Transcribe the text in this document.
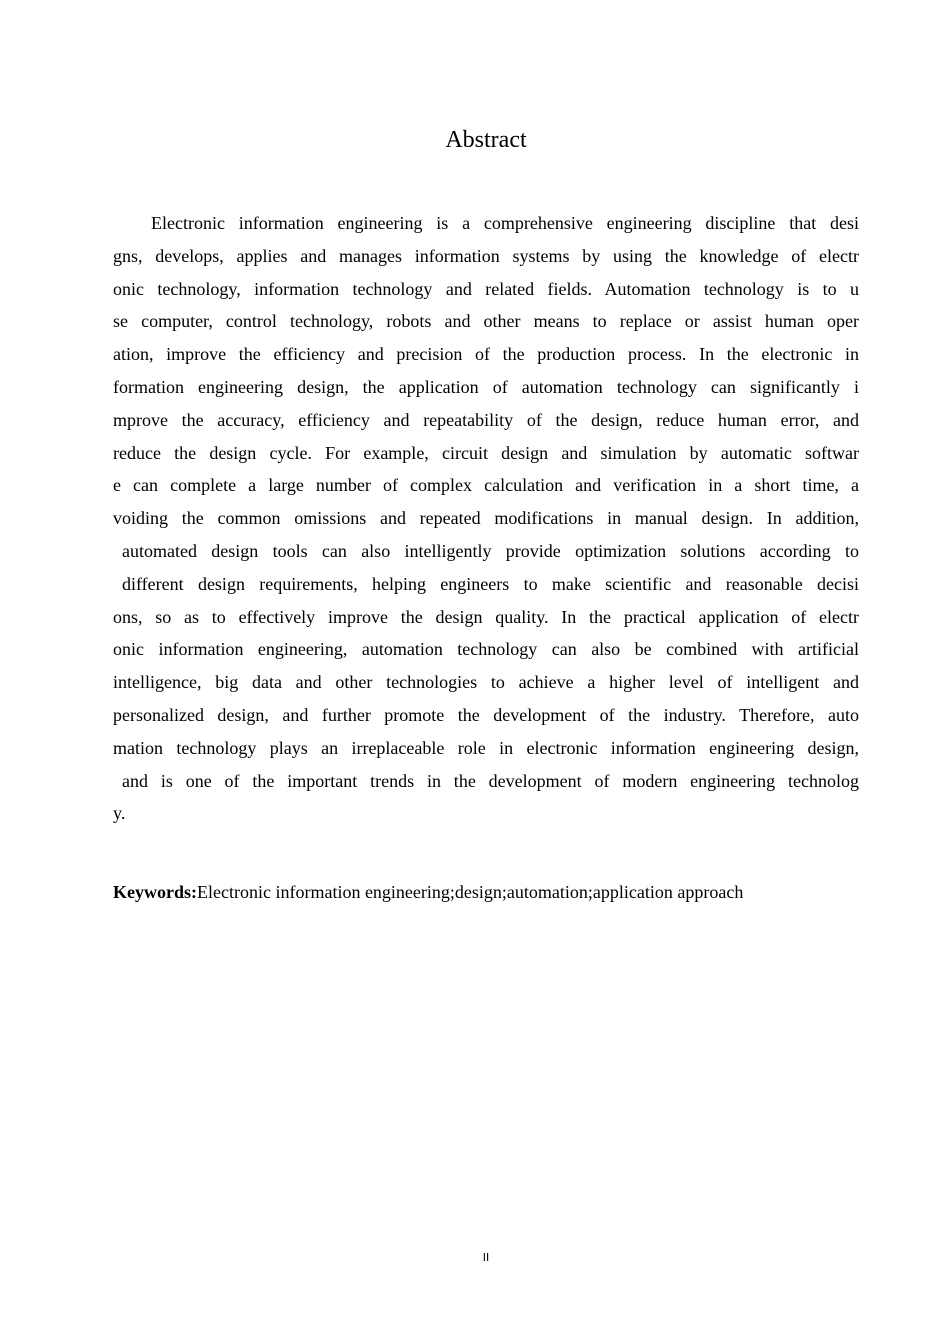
Abstract
Electronic information engineering is a comprehensive engineering discipline that desi
gns, develops, applies and manages information systems by using the knowledge of electr
onic technology, information technology and related fields. Automation technology is to u
se computer, control technology, robots and other means to replace or assist human oper
ation, improve the efficiency and precision of the production process. In the electronic in
formation engineering design, the application of automation technology can significantly i
mprove the accuracy, efficiency and repeatability of the design, reduce human error, and
reduce the design cycle. For example, circuit design and simulation by automatic softwar
e can complete a large number of complex calculation and verification in a short time, a
voiding the common omissions and repeated modifications in manual design. In addition,
automated design tools can also intelligently provide optimization solutions according to
different design requirements, helping engineers to make scientific and reasonable decisi
ons, so as to effectively improve the design quality. In the practical application of electr
onic information engineering, automation technology can also be combined with artificial
intelligence, big data and other technologies to achieve a higher level of intelligent and
personalized design, and further promote the development of the industry. Therefore, auto
mation technology plays an irreplaceable role in electronic information engineering design,
and is one of the important trends in the development of modern engineering technolog
y.

Keywords:Electronic information engineering;design;automation;application approach

II
